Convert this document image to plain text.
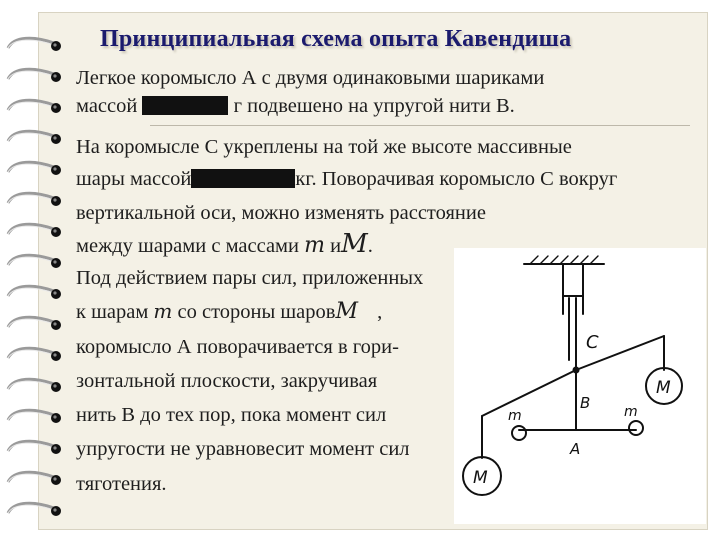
Принципиальная схема опыта Кавендиша
Легкое коромысло А с двумя одинаковыми шариками
массой	г подвешено на упругой нити В.
На коромысле С укреплены на той же высоте массивные
шары массой	кг. Поворачивая коромысло С вокруг
вертикальной оси, можно изменять расстояние
между шарами с массами m иM.
Под действием пары сил, приложенных
к шарам m со стороны шаровM ,
коромысло А поворачивается в гори-
зонтальной плоскости, закручивая
нить В до тех пор, пока момент сил
упругости не уравновесит момент сил
тяготения.
C
B
A
m	m
M
M
